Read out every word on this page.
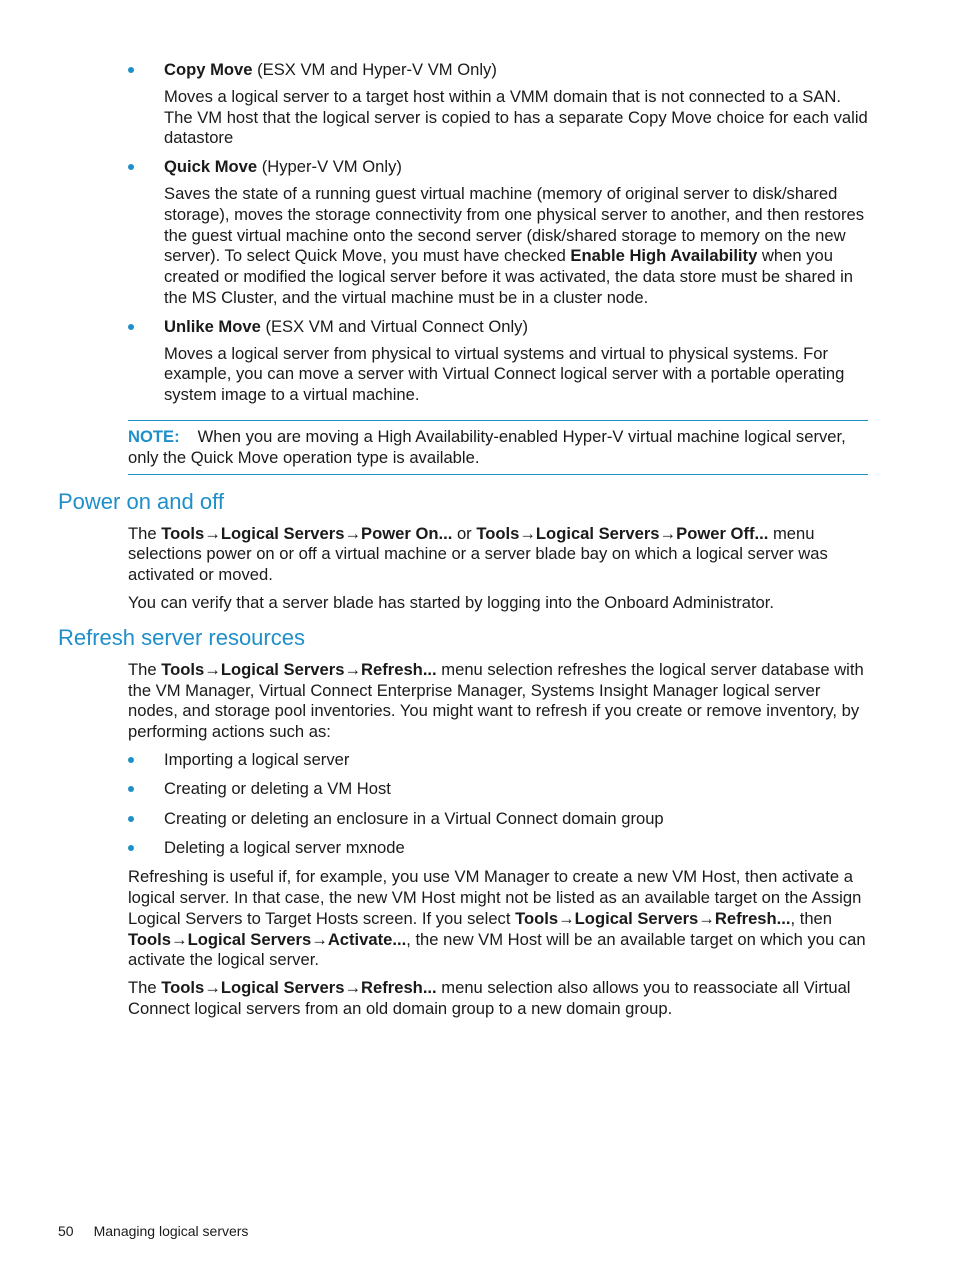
Copy Move (ESX VM and Hyper-V VM Only)

Moves a logical server to a target host within a VMM domain that is not connected to a SAN. The VM host that the logical server is copied to has a separate Copy Move choice for each valid datastore

Quick Move (Hyper-V VM Only)

Saves the state of a running guest virtual machine (memory of original server to disk/shared storage), moves the storage connectivity from one physical server to another, and then restores the guest virtual machine onto the second server (disk/shared storage to memory on the new server). To select Quick Move, you must have checked Enable High Availability when you created or modified the logical server before it was activated, the data store must be shared in the MS Cluster, and the virtual machine must be in a cluster node.

Unlike Move (ESX VM and Virtual Connect Only)

Moves a logical server from physical to virtual systems and virtual to physical systems. For example, you can move a server with Virtual Connect logical server with a portable operating system image to a virtual machine.

NOTE: When you are moving a High Availability-enabled Hyper-V virtual machine logical server, only the Quick Move operation type is available.

Power on and off

The Tools→Logical Servers→Power On... or Tools→Logical Servers→Power Off... menu selections power on or off a virtual machine or a server blade bay on which a logical server was activated or moved.

You can verify that a server blade has started by logging into the Onboard Administrator.

Refresh server resources

The Tools→Logical Servers→Refresh... menu selection refreshes the logical server database with the VM Manager, Virtual Connect Enterprise Manager, Systems Insight Manager logical server nodes, and storage pool inventories. You might want to refresh if you create or remove inventory, by performing actions such as:

Importing a logical server

Creating or deleting a VM Host

Creating or deleting an enclosure in a Virtual Connect domain group

Deleting a logical server mxnode

Refreshing is useful if, for example, you use VM Manager to create a new VM Host, then activate a logical server. In that case, the new VM Host might not be listed as an available target on the Assign Logical Servers to Target Hosts screen. If you select Tools→Logical Servers→Refresh..., then Tools→Logical Servers→Activate..., the new VM Host will be an available target on which you can activate the logical server.

The Tools→Logical Servers→Refresh... menu selection also allows you to reassociate all Virtual Connect logical servers from an old domain group to a new domain group.

50 Managing logical servers
